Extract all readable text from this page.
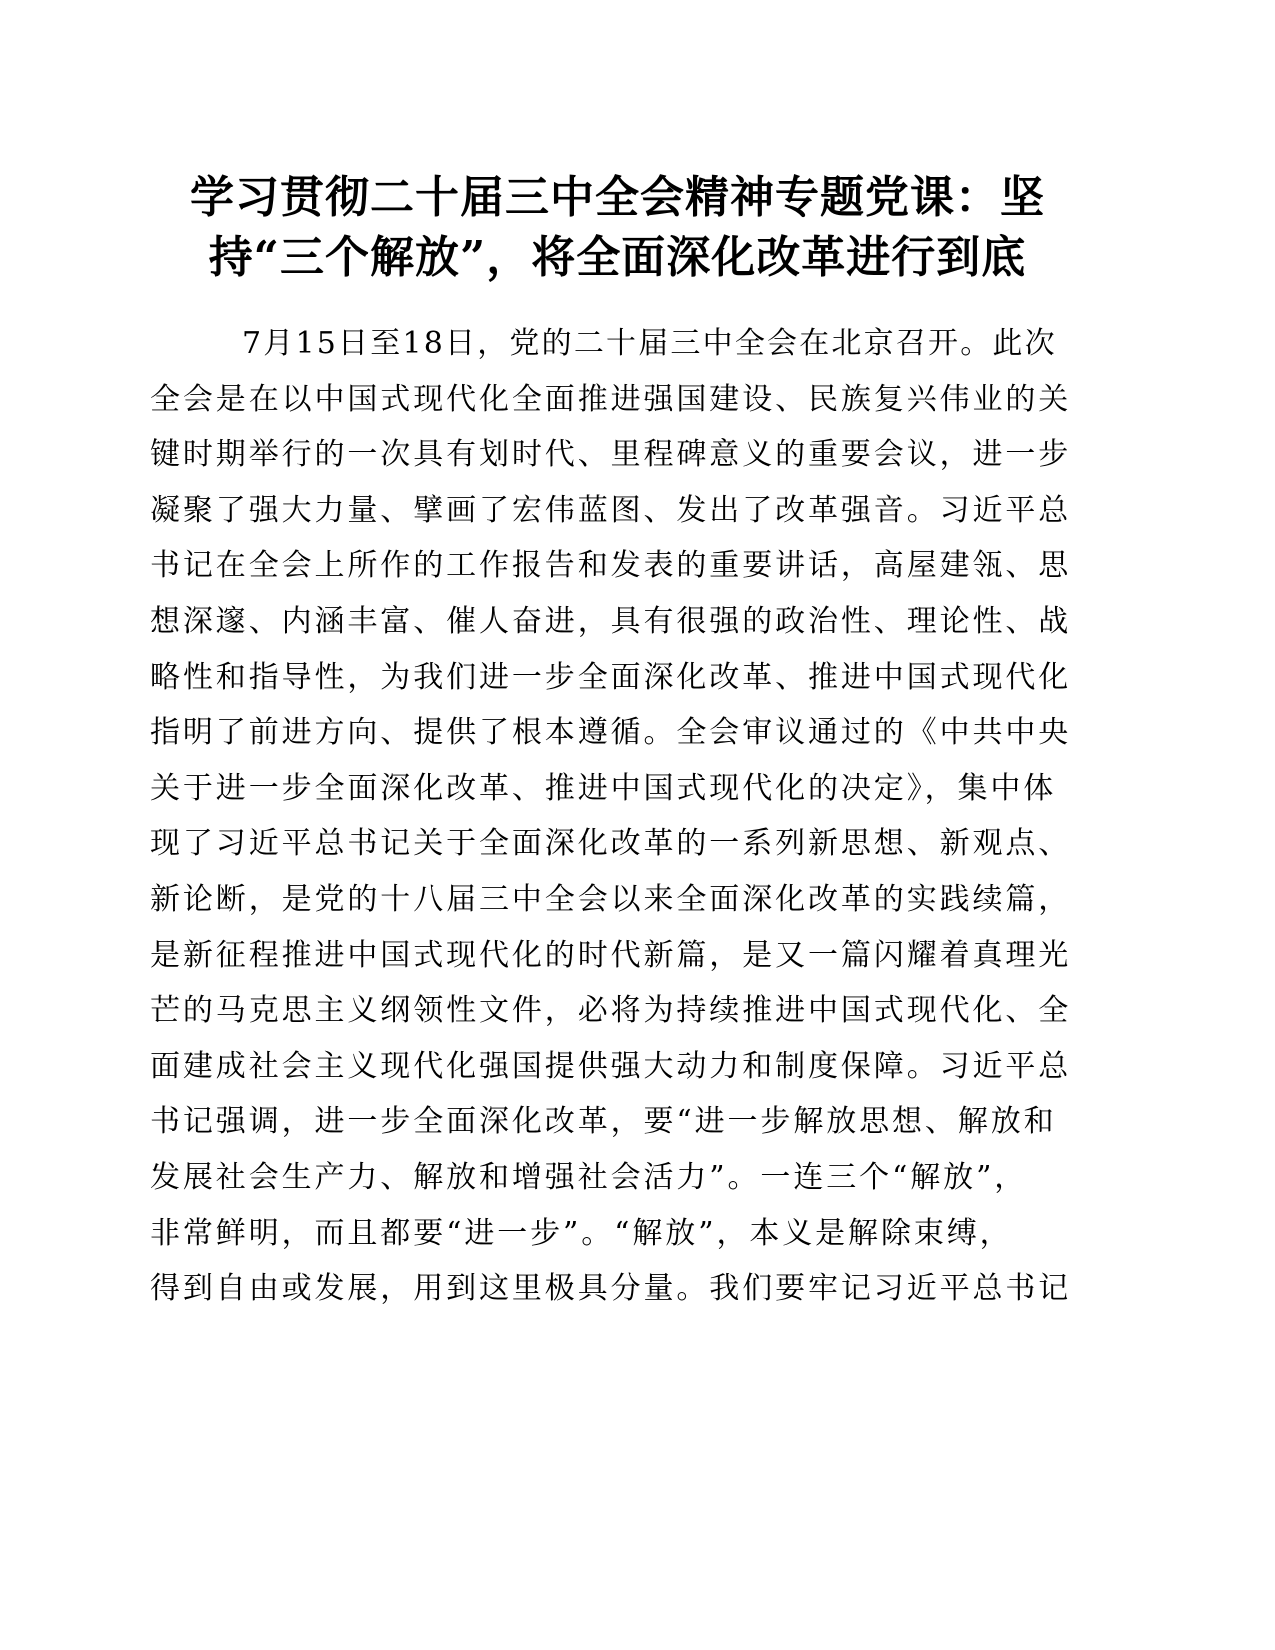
学习贯彻二十届三中全会精神专题党课：坚
持“三个解放”，将全面深化改革进行到底
7月15日至18日，党的二十届三中全会在北京召开。此次
全会是在以中国式现代化全面推进强国建设、民族复兴伟业的关
键时期举行的一次具有划时代、里程碑意义的重要会议，进一步
凝聚了强大力量、擘画了宏伟蓝图、发出了改革强音。习近平总
书记在全会上所作的工作报告和发表的重要讲话，高屋建瓴、思
想深邃、内涵丰富、催人奋进，具有很强的政治性、理论性、战
略性和指导性，为我们进一步全面深化改革、推进中国式现代化
指明了前进方向、提供了根本遵循。全会审议通过的《中共中央
关于进一步全面深化改革、推进中国式现代化的决定》，集中体
现了习近平总书记关于全面深化改革的一系列新思想、新观点、
新论断，是党的十八届三中全会以来全面深化改革的实践续篇，
是新征程推进中国式现代化的时代新篇，是又一篇闪耀着真理光
芒的马克思主义纲领性文件，必将为持续推进中国式现代化、全
面建成社会主义现代化强国提供强大动力和制度保障。习近平总
书记强调，进一步全面深化改革，要“进一步解放思想、解放和
发展社会生产力、解放和增强社会活力”。一连三个“解放”，
非常鲜明，而且都要“进一步”。“解放”，本义是解除束缚，
得到自由或发展，用到这里极具分量。我们要牢记习近平总书记
